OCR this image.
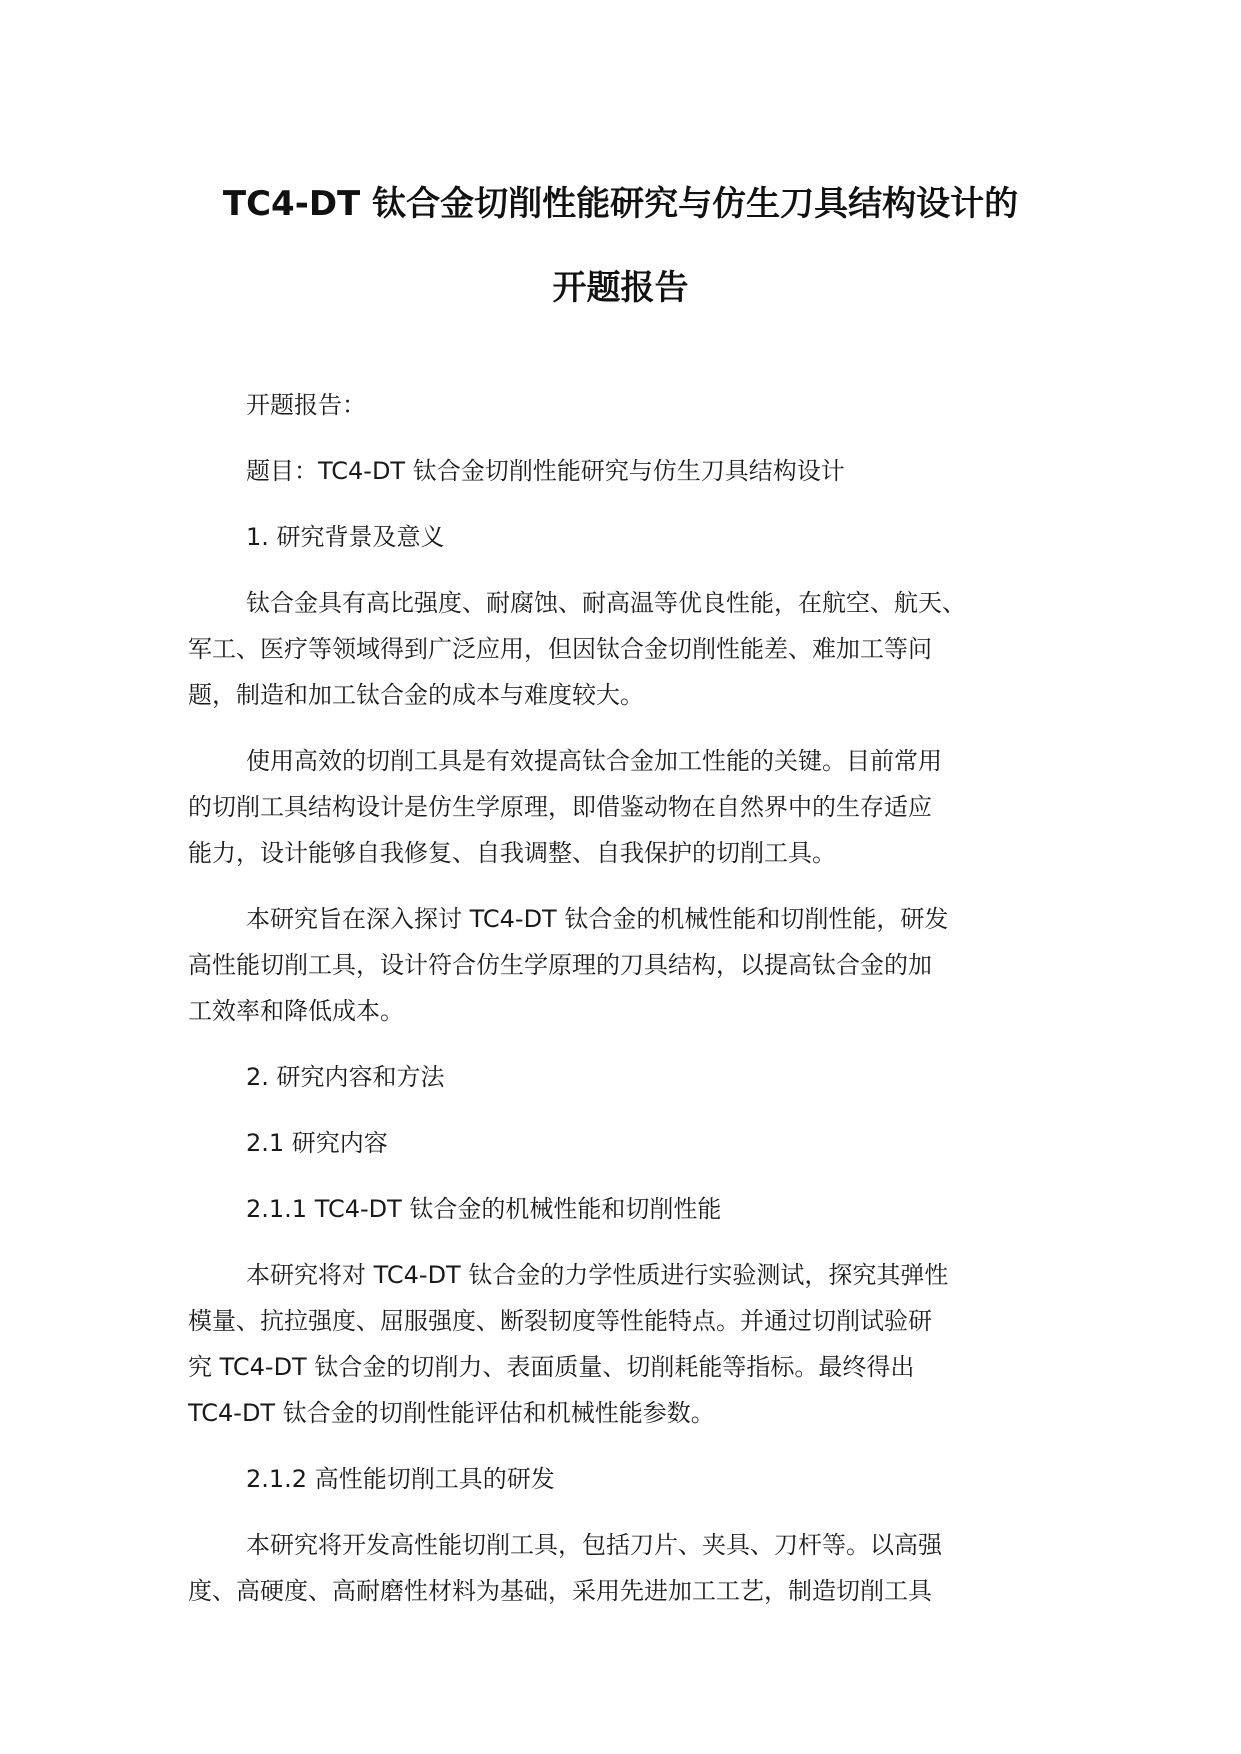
TC4-DT 钛合金切削性能研究与仿生刀具结构设计的
开题报告
开题报告：
题目：TC4-DT 钛合金切削性能研究与仿生刀具结构设计
1. 研究背景及意义
钛合金具有高比强度、耐腐蚀、耐高温等优良性能，在航空、航天、
军工、医疗等领域得到广泛应用，但因钛合金切削性能差、难加工等问
题，制造和加工钛合金的成本与难度较大。
使用高效的切削工具是有效提高钛合金加工性能的关键。目前常用
的切削工具结构设计是仿生学原理，即借鉴动物在自然界中的生存适应
能力，设计能够自我修复、自我调整、自我保护的切削工具。
本研究旨在深入探讨 TC4-DT 钛合金的机械性能和切削性能，研发
高性能切削工具，设计符合仿生学原理的刀具结构，以提高钛合金的加
工效率和降低成本。
2. 研究内容和方法
2.1 研究内容
2.1.1 TC4-DT 钛合金的机械性能和切削性能
本研究将对 TC4-DT 钛合金的力学性质进行实验测试，探究其弹性
模量、抗拉强度、屈服强度、断裂韧度等性能特点。并通过切削试验研
究 TC4-DT 钛合金的切削力、表面质量、切削耗能等指标。最终得出
TC4-DT 钛合金的切削性能评估和机械性能参数。
2.1.2 高性能切削工具的研发
本研究将开发高性能切削工具，包括刀片、夹具、刀杆等。以高强
度、高硬度、高耐磨性材料为基础，采用先进加工工艺，制造切削工具
